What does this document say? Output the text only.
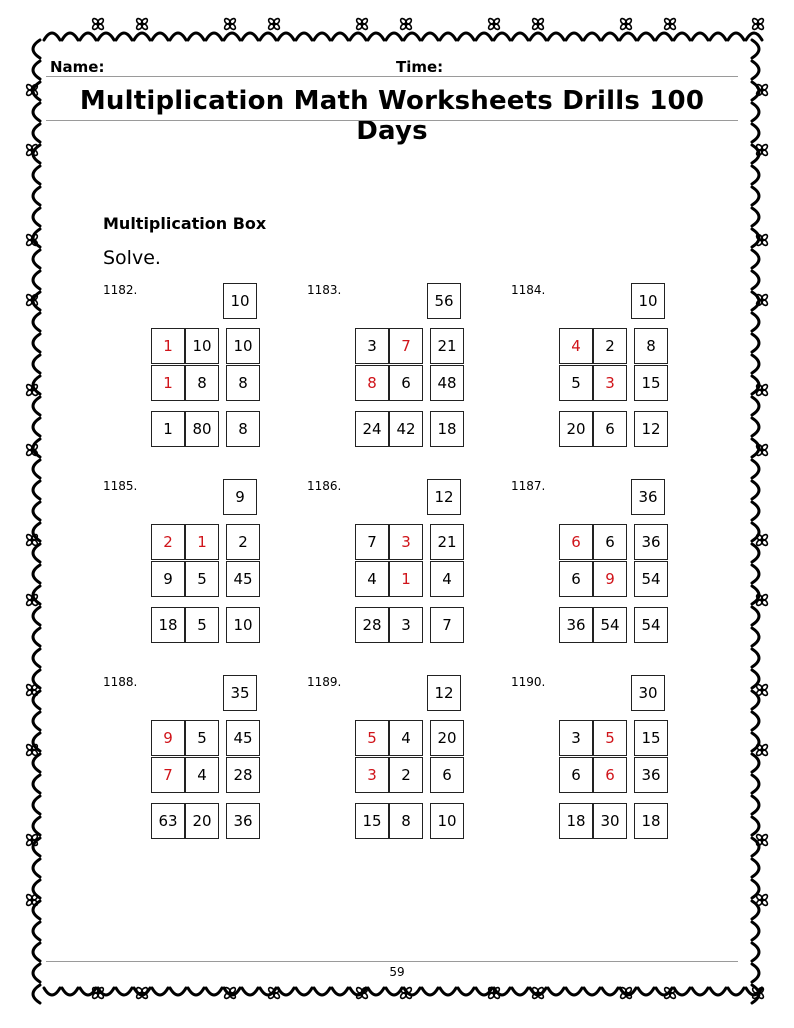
Name:	Time:
Multiplication Math Worksheets Drills 100 Days
Multiplication Box
Solve.
1182.
10
1	10	10
1	8	8
1	80	8
1183.
56
3	7	21
8	6	48
24 42	18
1184.
10
4	2	8
5	3	15
20	6	12
1185.
9
2	1	2
9	5	45
18	5	10
1186.
12
7	3	21
4	1	4
28	3	7
1187.
36
6	6	36
6	9	54
36 54	54
1188.
35
9	5	45
7	4	28
63 20	36
1189.
12
5	4	20
3	2	6
15	8	10
1190.
30
3	5	15
6	6	36
18 30	18
59
